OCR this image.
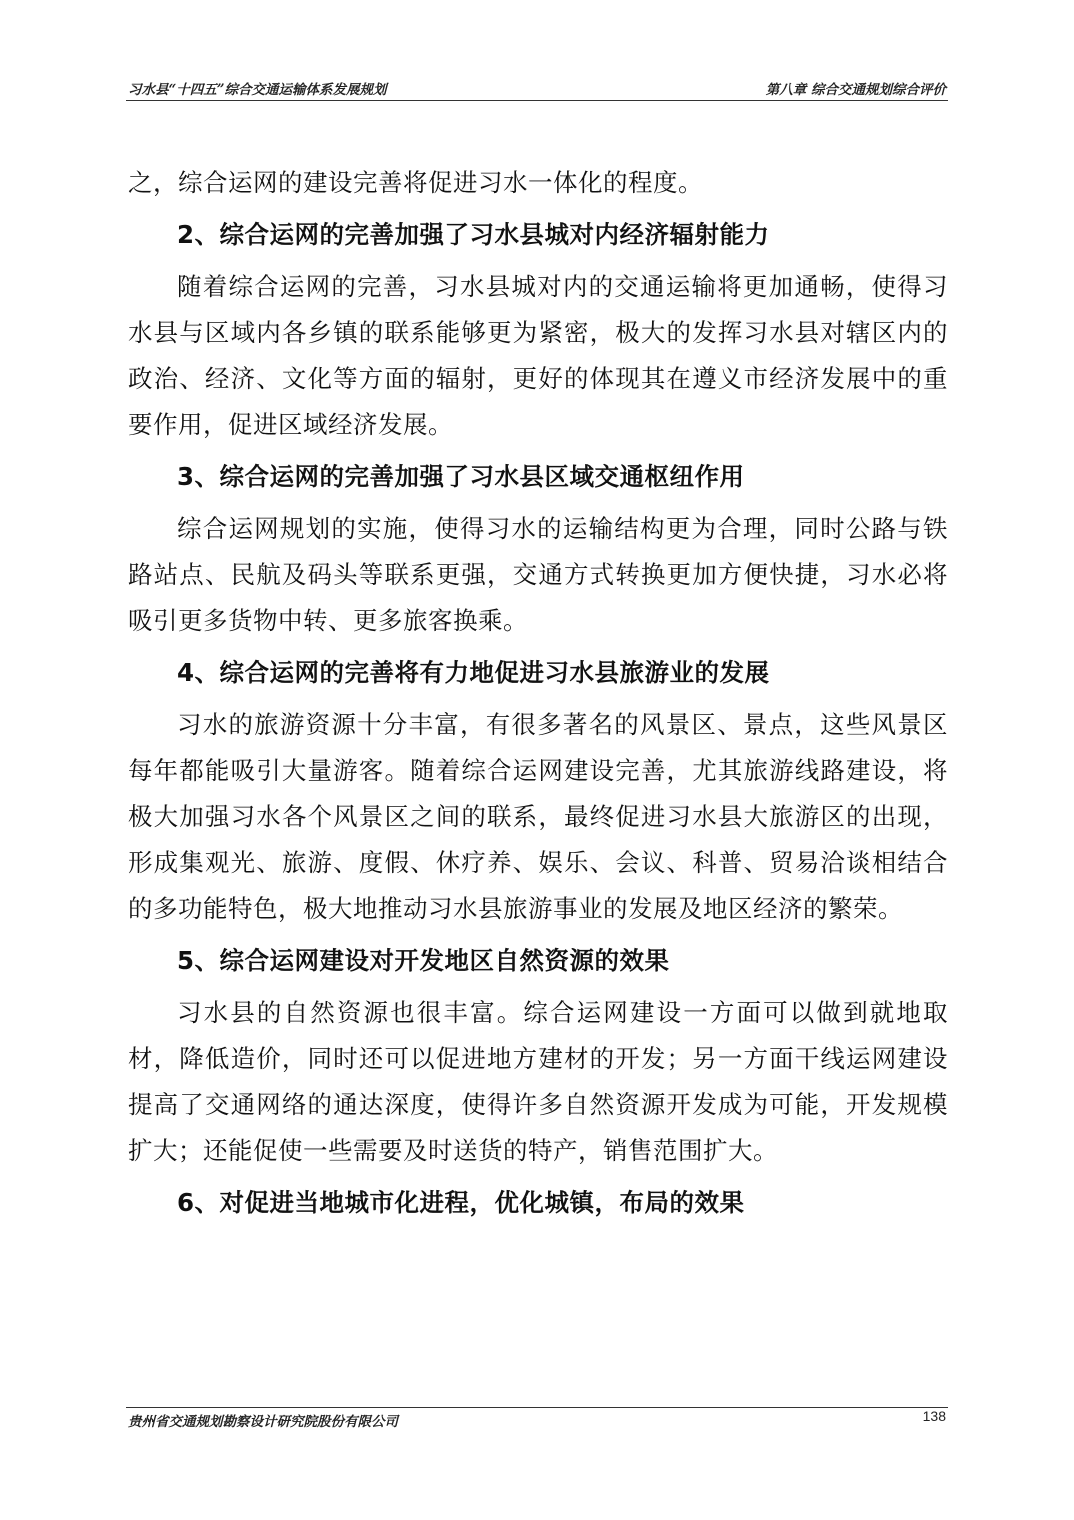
习水县“十四五”综合交通运输体系发展规划	第八章 综合交通规划综合评价

之，综合运网的建设完善将促进习水一体化的程度。

2、综合运网的完善加强了习水县城对内经济辐射能力

随着综合运网的完善，习水县城对内的交通运输将更加通畅，使得习水县与区域内各乡镇的联系能够更为紧密，极大的发挥习水县对辖区内的政治、经济、文化等方面的辐射，更好的体现其在遵义市经济发展中的重要作用，促进区域经济发展。

3、综合运网的完善加强了习水县区域交通枢纽作用

综合运网规划的实施，使得习水的运输结构更为合理，同时公路与铁路站点、民航及码头等联系更强，交通方式转换更加方便快捷，习水必将吸引更多货物中转、更多旅客换乘。

4、综合运网的完善将有力地促进习水县旅游业的发展

习水的旅游资源十分丰富，有很多著名的风景区、景点，这些风景区每年都能吸引大量游客。随着综合运网建设完善，尤其旅游线路建设，将极大加强习水各个风景区之间的联系，最终促进习水县大旅游区的出现，形成集观光、旅游、度假、休疗养、娱乐、会议、科普、贸易洽谈相结合的多功能特色，极大地推动习水县旅游事业的发展及地区经济的繁荣。

5、综合运网建设对开发地区自然资源的效果

习水县的自然资源也很丰富。综合运网建设一方面可以做到就地取材，降低造价，同时还可以促进地方建材的开发；另一方面干线运网建设提高了交通网络的通达深度，使得许多自然资源开发成为可能，开发规模扩大；还能促使一些需要及时送货的特产，销售范围扩大。

6、对促进当地城市化进程，优化城镇，布局的效果

贵州省交通规划勘察设计研究院股份有限公司	138
